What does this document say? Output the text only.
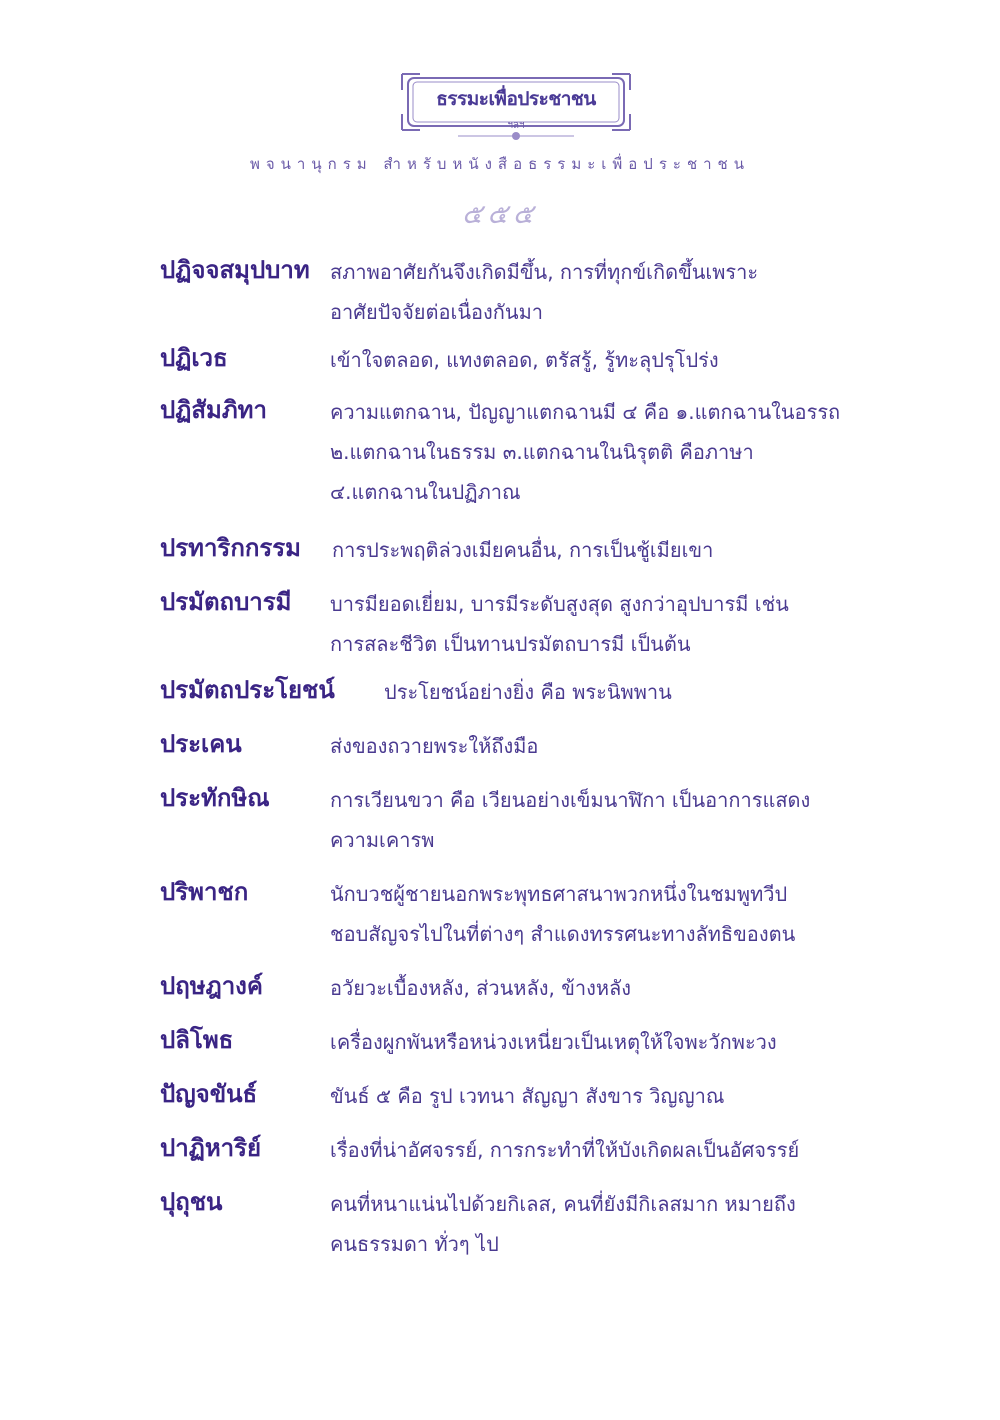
ธรรมะเพื่อประชาชน
ฯลฯ
พจนานุกรม สำหรับหนังสือธรรมะเพื่อประชาชน
๕๕๕
ปฏิจจสมุปบาท สภาพอาศัยกันจึงเกิดมีขึ้น, การที่ทุกข์เกิดขึ้นเพราะ
อาศัยปัจจัยต่อเนื่องกันมา
ปฏิเวธ	เข้าใจตลอด, แทงตลอด, ตรัสรู้, รู้ทะลุปรุโปร่ง
ปฏิสัมภิทา	ความแตกฉาน, ปัญญาแตกฉานมี ๔ คือ ๑.แตกฉานในอรรถ
๒.แตกฉานในธรรม ๓.แตกฉานในนิรุตติ คือภาษา
๔.แตกฉานในปฏิภาณ
ปรทาริกกรรม การประพฤติล่วงเมียคนอื่น, การเป็นชู้เมียเขา
ปรมัตถบารมี บารมียอดเยี่ยม, บารมีระดับสูงสุด สูงกว่าอุปบารมี เช่น
การสละชีวิต เป็นทานปรมัตถบารมี เป็นต้น
ปรมัตถประโยชน์ ประโยชน์อย่างยิ่ง คือ พระนิพพาน
ประเคน	ส่งของถวายพระให้ถึงมือ
ประทักษิณ	การเวียนขวา คือ เวียนอย่างเข็มนาฬิกา เป็นอาการแสดง
ความเคารพ
ปริพาชก	นักบวชผู้ชายนอกพระพุทธศาสนาพวกหนึ่งในชมพูทวีป
ชอบสัญจรไปในที่ต่างๆ สำแดงทรรศนะทางลัทธิของตน
ปฤษฎางค์	อวัยวะเบื้องหลัง, ส่วนหลัง, ข้างหลัง
ปลิโพธ	เครื่องผูกพันหรือหน่วงเหนี่ยวเป็นเหตุให้ใจพะวักพะวง
ปัญจขันธ์	ขันธ์ ๕ คือ รูป เวทนา สัญญา สังขาร วิญญาณ
ปาฏิหาริย์	เรื่องที่น่าอัศจรรย์, การกระทำที่ให้บังเกิดผลเป็นอัศจรรย์
ปุถุชน	คนที่หนาแน่นไปด้วยกิเลส, คนที่ยังมีกิเลสมาก หมายถึง
คนธรรมดา ทั่วๆ ไป
